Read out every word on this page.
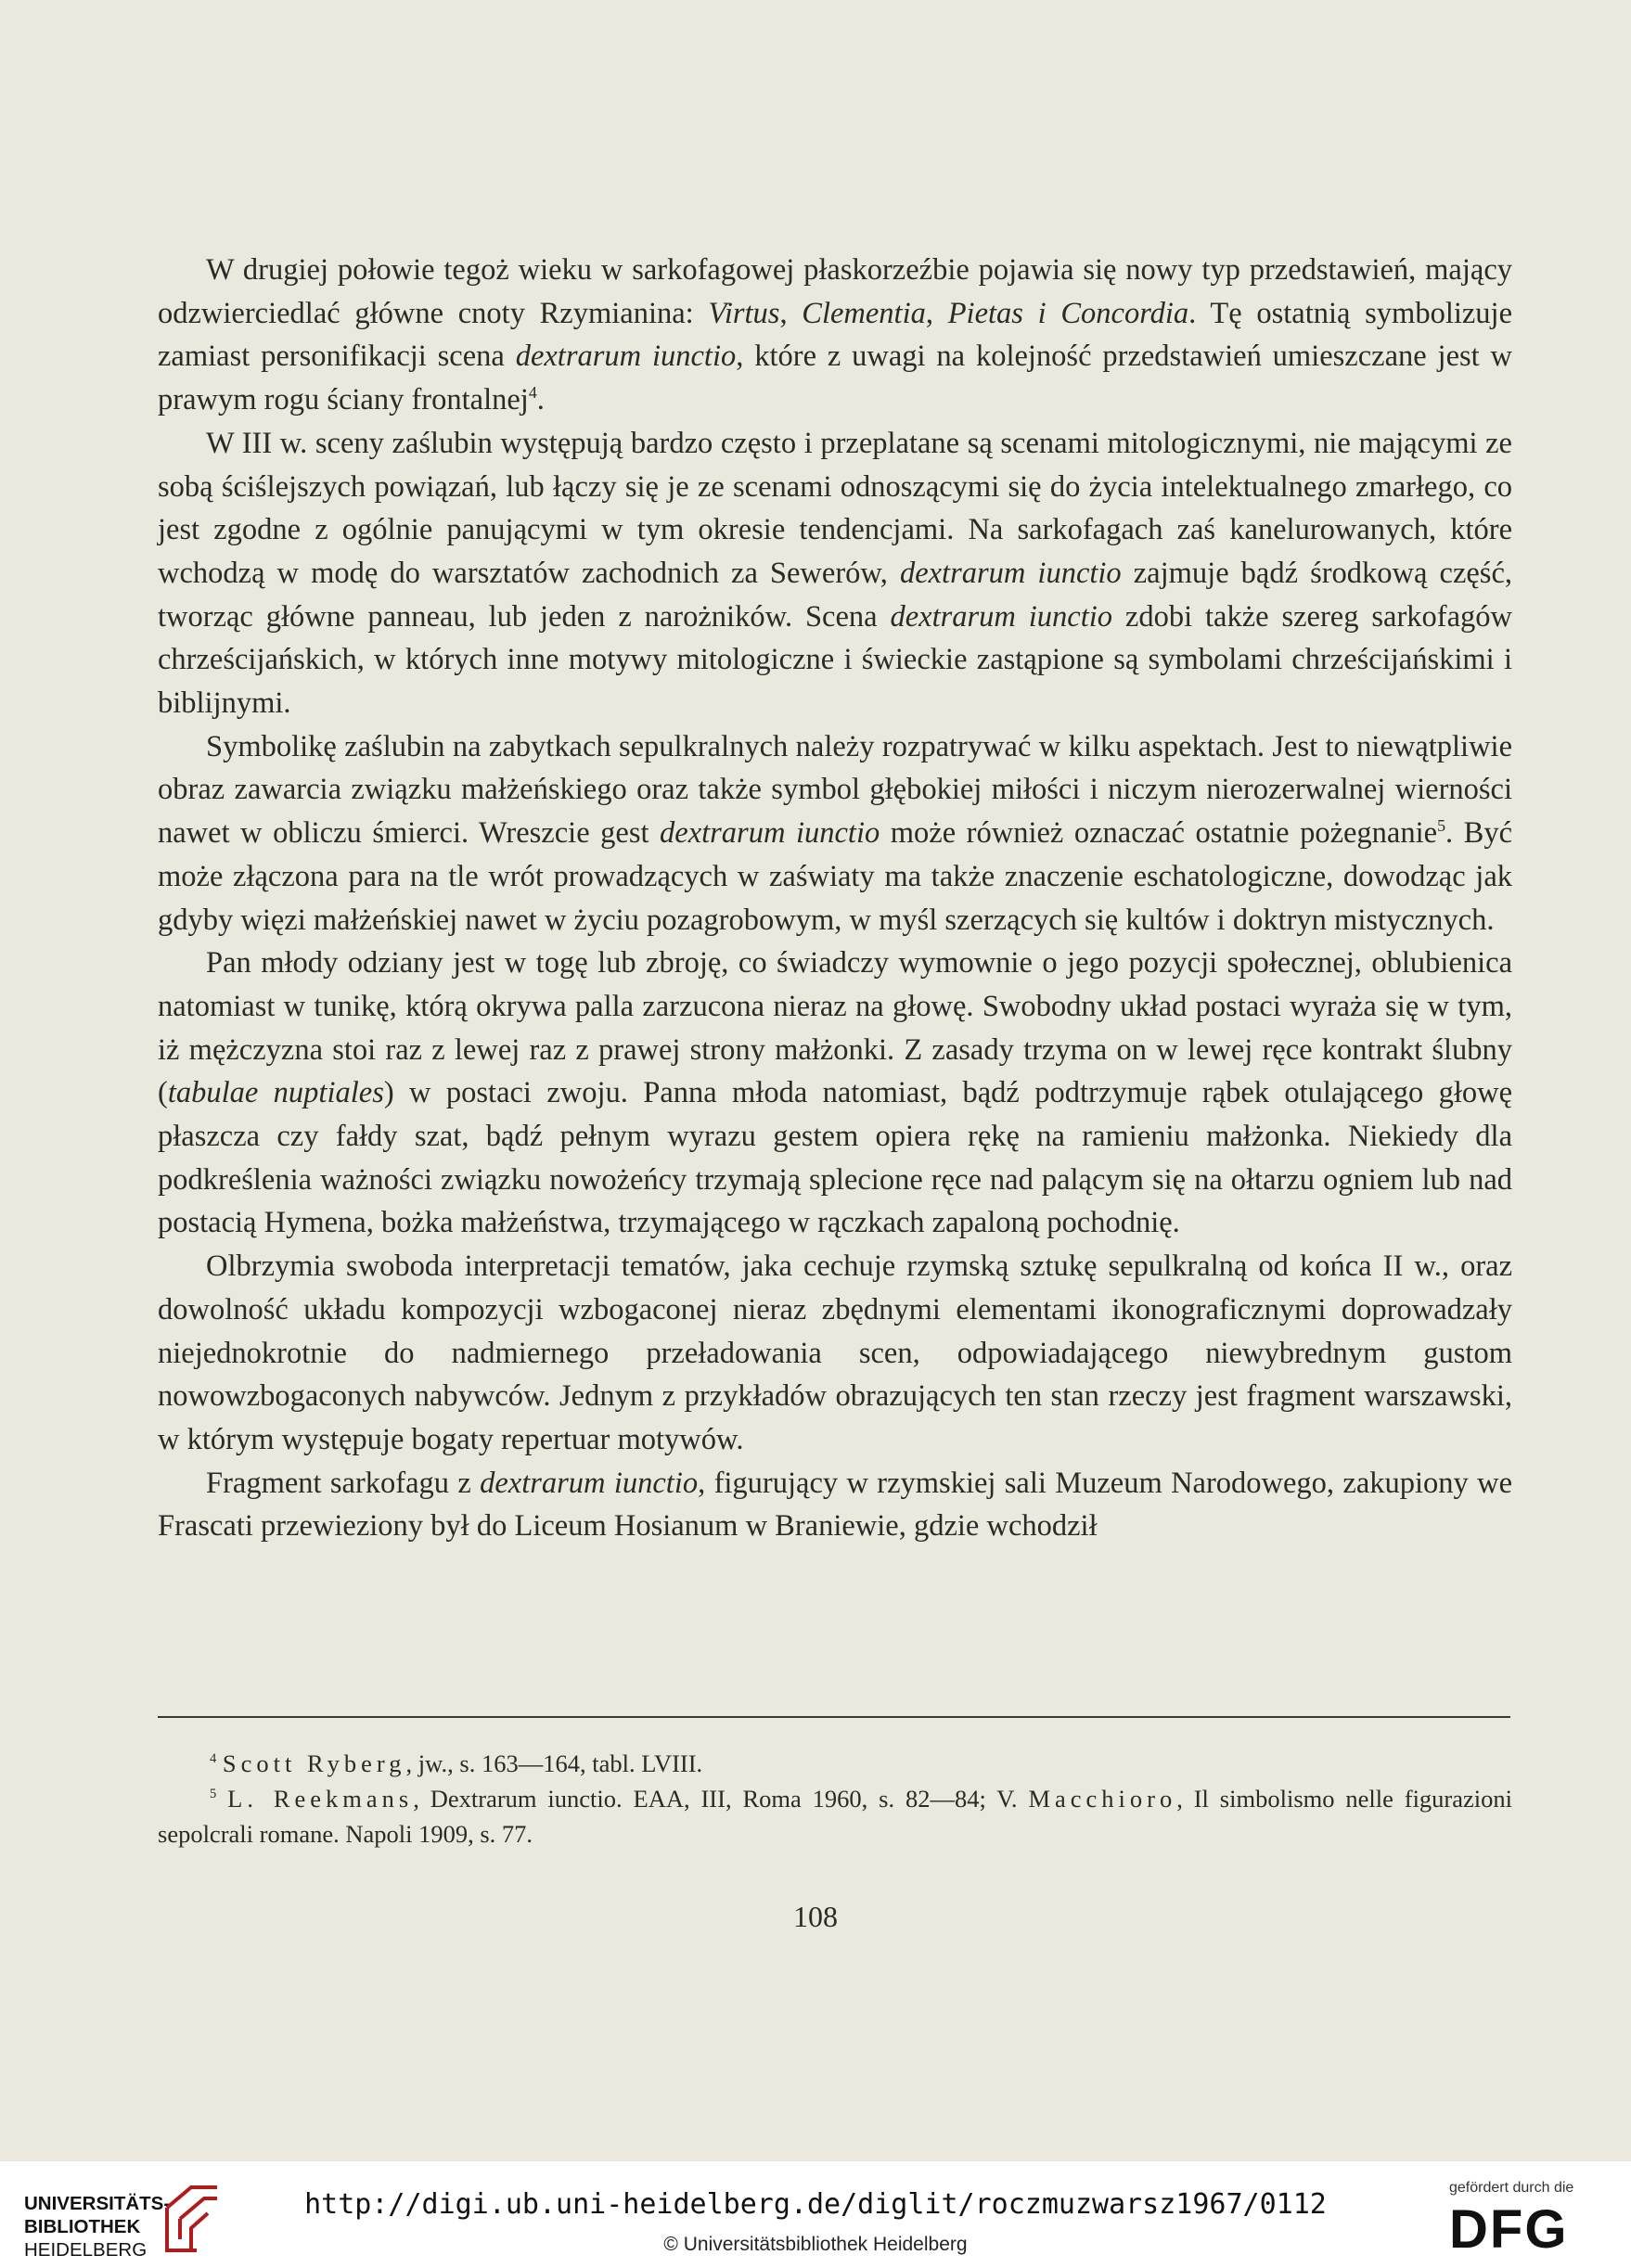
W drugiej połowie tegoż wieku w sarkofagowej płaskorzeźbie pojawia się nowy typ przedstawień, mający odzwierciedlać główne cnoty Rzymianina: Virtus, Clementia, Pietas i Concordia. Tę ostatnią symbolizuje zamiast personifikacji scena dextrarum iunctio, które z uwagi na kolejność przedstawień umieszczane jest w prawym rogu ściany frontalnej$^4$.

W III w. sceny zaślubin występują bardzo często i przeplatane są scenami mitologicznymi, nie mającymi ze sobą ściślejszych powiązań, lub łączy się je ze scenami odnoszącymi się do życia intelektualnego zmarłego, co jest zgodne z ogólnie panującymi w tym okresie tendencjami. Na sarkofagach zaś kanelurowanych, które wchodzą w modę do warsztatów zachodnich za Sewerów, dextrarum iunctio zajmuje bądź środkową część, tworząc główne panneau, lub jeden z narożników. Scena dextrarum iunctio zdobi także szereg sarkofagów chrześcijańskich, w których inne motywy mitologiczne i świeckie zastąpione są symbolami chrześcijańskimi i biblijnymi.

Symbolikę zaślubin na zabytkach sepulkralnych należy rozpatrywać w kilku aspektach. Jest to niewątpliwie obraz zawarcia związku małżeńskiego oraz także symbol głębokiej miłości i niczym nierozerwalnej wierności nawet w obliczu śmierci. Wreszcie gest dextrarum iunctio może również oznaczać ostatnie pożegnanie$^5$. Być może złączona para na tle wrót prowadzących w zaświaty ma także znaczenie eschatologiczne, dowodząc jak gdyby więzi małżeńskiej nawet w życiu pozagrobowym, w myśl szerzących się kultów i doktryn mistycznych.

Pan młody odziany jest w togę lub zbroję, co świadczy wymownie o jego pozycji społecznej, oblubienica natomiast w tunikę, którą okrywa palla zarzucona nieraz na głowę. Swobodny układ postaci wyraża się w tym, iż mężczyzna stoi raz z lewej raz z prawej strony małżonki. Z zasady trzyma on w lewej ręce kontrakt ślubny (tabulae nuptiales) w postaci zwoju. Panna młoda natomiast, bądź podtrzymuje rąbek otulającego głowę płaszcza czy fałdy szat, bądź pełnym wyrazu gestem opiera rękę na ramieniu małżonka. Niekiedy dla podkreślenia ważności związku nowożeńcy trzymają splecione ręce nad palącym się na ołtarzu ogniem lub nad postacią Hymena, bożka małżeństwa, trzymającego w rączkach zapaloną pochodnię.

Olbrzymia swoboda interpretacji tematów, jaka cechuje rzymską sztukę sepulkralną od końca II w., oraz dowolność układu kompozycji wzbogaconej nieraz zbędnymi elementami ikonograficznymi doprowadzały niejednokrotnie do nadmiernego przeładowania scen, odpowiadającego niewybrednym gustom nowowzbogaconych nabywców. Jednym z przykładów obrazujących ten stan rzeczy jest fragment warszawski, w którym występuje bogaty repertuar motywów.

Fragment sarkofagu z dextrarum iunctio, figurujący w rzymskiej sali Muzeum Narodowego, zakupiony we Frascati przewieziony był do Liceum Hosianum w Braniewie, gdzie wchodził

$^4$ Scott Ryberg, jw., s. 163—164, tabl. LVIII.

$^5$ L. Reekmans, Dextrarum iunctio. EAA, III, Roma 1960, s. 82—84; V. Macchioro, Il simbolismo nelle figurazioni sepolcrali romane. Napoli 1909, s. 77.

108
UNIVERSITÄTS-
BIBLIOTHEK
HEIDELBERG
http://digi.ub.uni-heidelberg.de/diglit/roczmuzwarsz1967/0112
© Universitätsbibliothek Heidelberg
gefördert durch die
DFG
